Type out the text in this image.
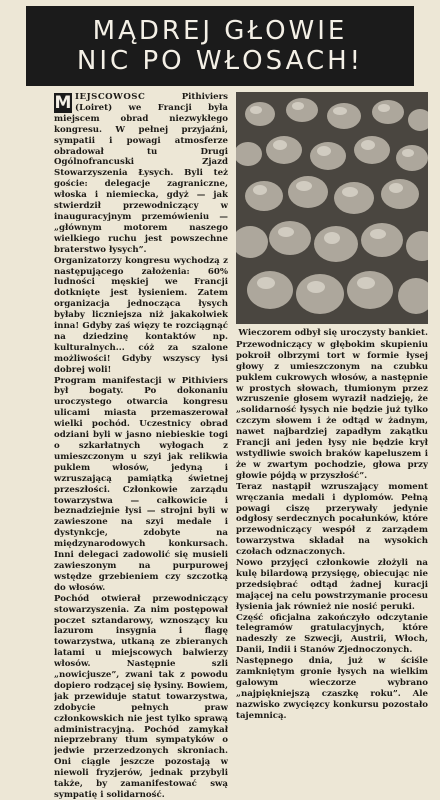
MĄDREJ GŁOWIE
NIC PO WŁOSACH!

M IEJSCOWOŚĆ Pithiviers (Loiret) we Francji była miejscem obrad niezwykłego kongresu. W pełnej przyjaźni, sympatii i powagi atmosferze obradował tu Drugi Ogólnofrancuski Zjazd Stowarzyszenia Łysych. Byli też goście: delegacje zagraniczne, włoska i niemiecka, gdyż — jak stwierdził przewodniczący w inauguracyjnym przemówieniu — „głównym motorem naszego wielkiego ruchu jest powszechne braterstwo łysych”.

Organizatorzy kongresu wychodzą z następującego założenia: 60% ludności męskiej we Francji dotknięte jest łysieniem. Zatem organizacja jednocząca łysych byłaby liczniejsza niż jakakolwiek inna! Gdyby zaś więzy te rozciągnąć na dziedzinę kontaktów np. kulturalnych... cóż za szalone możliwości! Gdyby wszyscy łysi dobrej woli!

Program manifestacji w Pithiviers był bogaty. Po dokonaniu uroczystego otwarcia kongresu ulicami miasta przemaszerował wielki pochód. Uczestnicy obrad odziani byli w jasno niebieskie togi o szkarłatnych wyłogach z umieszczonym u szyi jak relikwia puklem włosów, jedyną i wzruszającą pamiątką świetnej przeszłości. Członkowie zarządu towarzystwa — całkowicie i beznadziejnie łysi — strojni byli w zawieszone na szyi medale i dystynkcje, zdobyte na międzynarodowych konkursach. Inni delegaci zadowolić się musieli zawieszonym na purpurowej wstędze grzebieniem czy szczotką do włosów.

Pochód otwierał przewodniczący stowarzyszenia. Za nim postępował poczet sztandarowy, wznoszący ku lazurom insygnia i flagę towarzystwa, utkaną ze zbieranych latami u miejscowych balwierzy włosów. Następnie szli „nowicjusze”, zwani tak z powodu dopiero rodzącej się łysiny. Bowiem, jak przewiduje statut towarzystwa, zdobycie pełnych praw członkowskich nie jest tylko sprawą administracyjną. Pochód zamykał nieprzebrany tłum sympatyków o jedwie przerzedzonych skroniach. Oni ciągle jeszcze pozostają w niewoli fryzjerów, jednak przybyli także, by zamanifestować swą sympatię i solidarność.

Wieczorem odbył się uroczysty bankiet.

Przewodniczący w głębokim skupieniu pokroił olbrzymi tort w formie łysej głowy z umieszczonym na czubku puklem cukrowych włosów, a następnie w prostych słowach, tłumionym przez wzruszenie głosem wyraził nadzieję, że „solidarność łysych nie będzie już tylko czczym słowem i że odtąd w żadnym, nawet najbardziej zapadłym zakątku Francji ani jeden łysy nie będzie krył wstydliwie swoich braków kapeluszem i że w zwartym pochodzie, głowa przy głowie pójdą w przyszłość”.

Teraz nastąpił wzruszający moment wręczania medali i dyplomów. Pełną powagi ciszę przerywały jedynie odgłosy serdecznych pocałunków, które przewodniczący wespół z zarządem towarzystwa składał na wysokich czołach odznaczonych.

Nowo przyjęci członkowie złożyli na kulę bilardową przysięgę, obiecując nie przedsiębrać odtąd żadnej kuracji mającej na celu powstrzymanie procesu łysienia jak również nie nosić peruki.

Część oficjalna zakończyło odczytanie telegramów gratulacyjnych, które nadeszły ze Szwecji, Austrii, Włoch, Danii, Indii i Stanów Zjednoczonych.

Następnego dnia, już w ściśle zamkniętym gronie łysych na wielkim galowym wieczorze wybrano „najpiękniejszą czaszkę roku”. Ale nazwisko zwycięzcy konkursu pozostało tajemnicą.
